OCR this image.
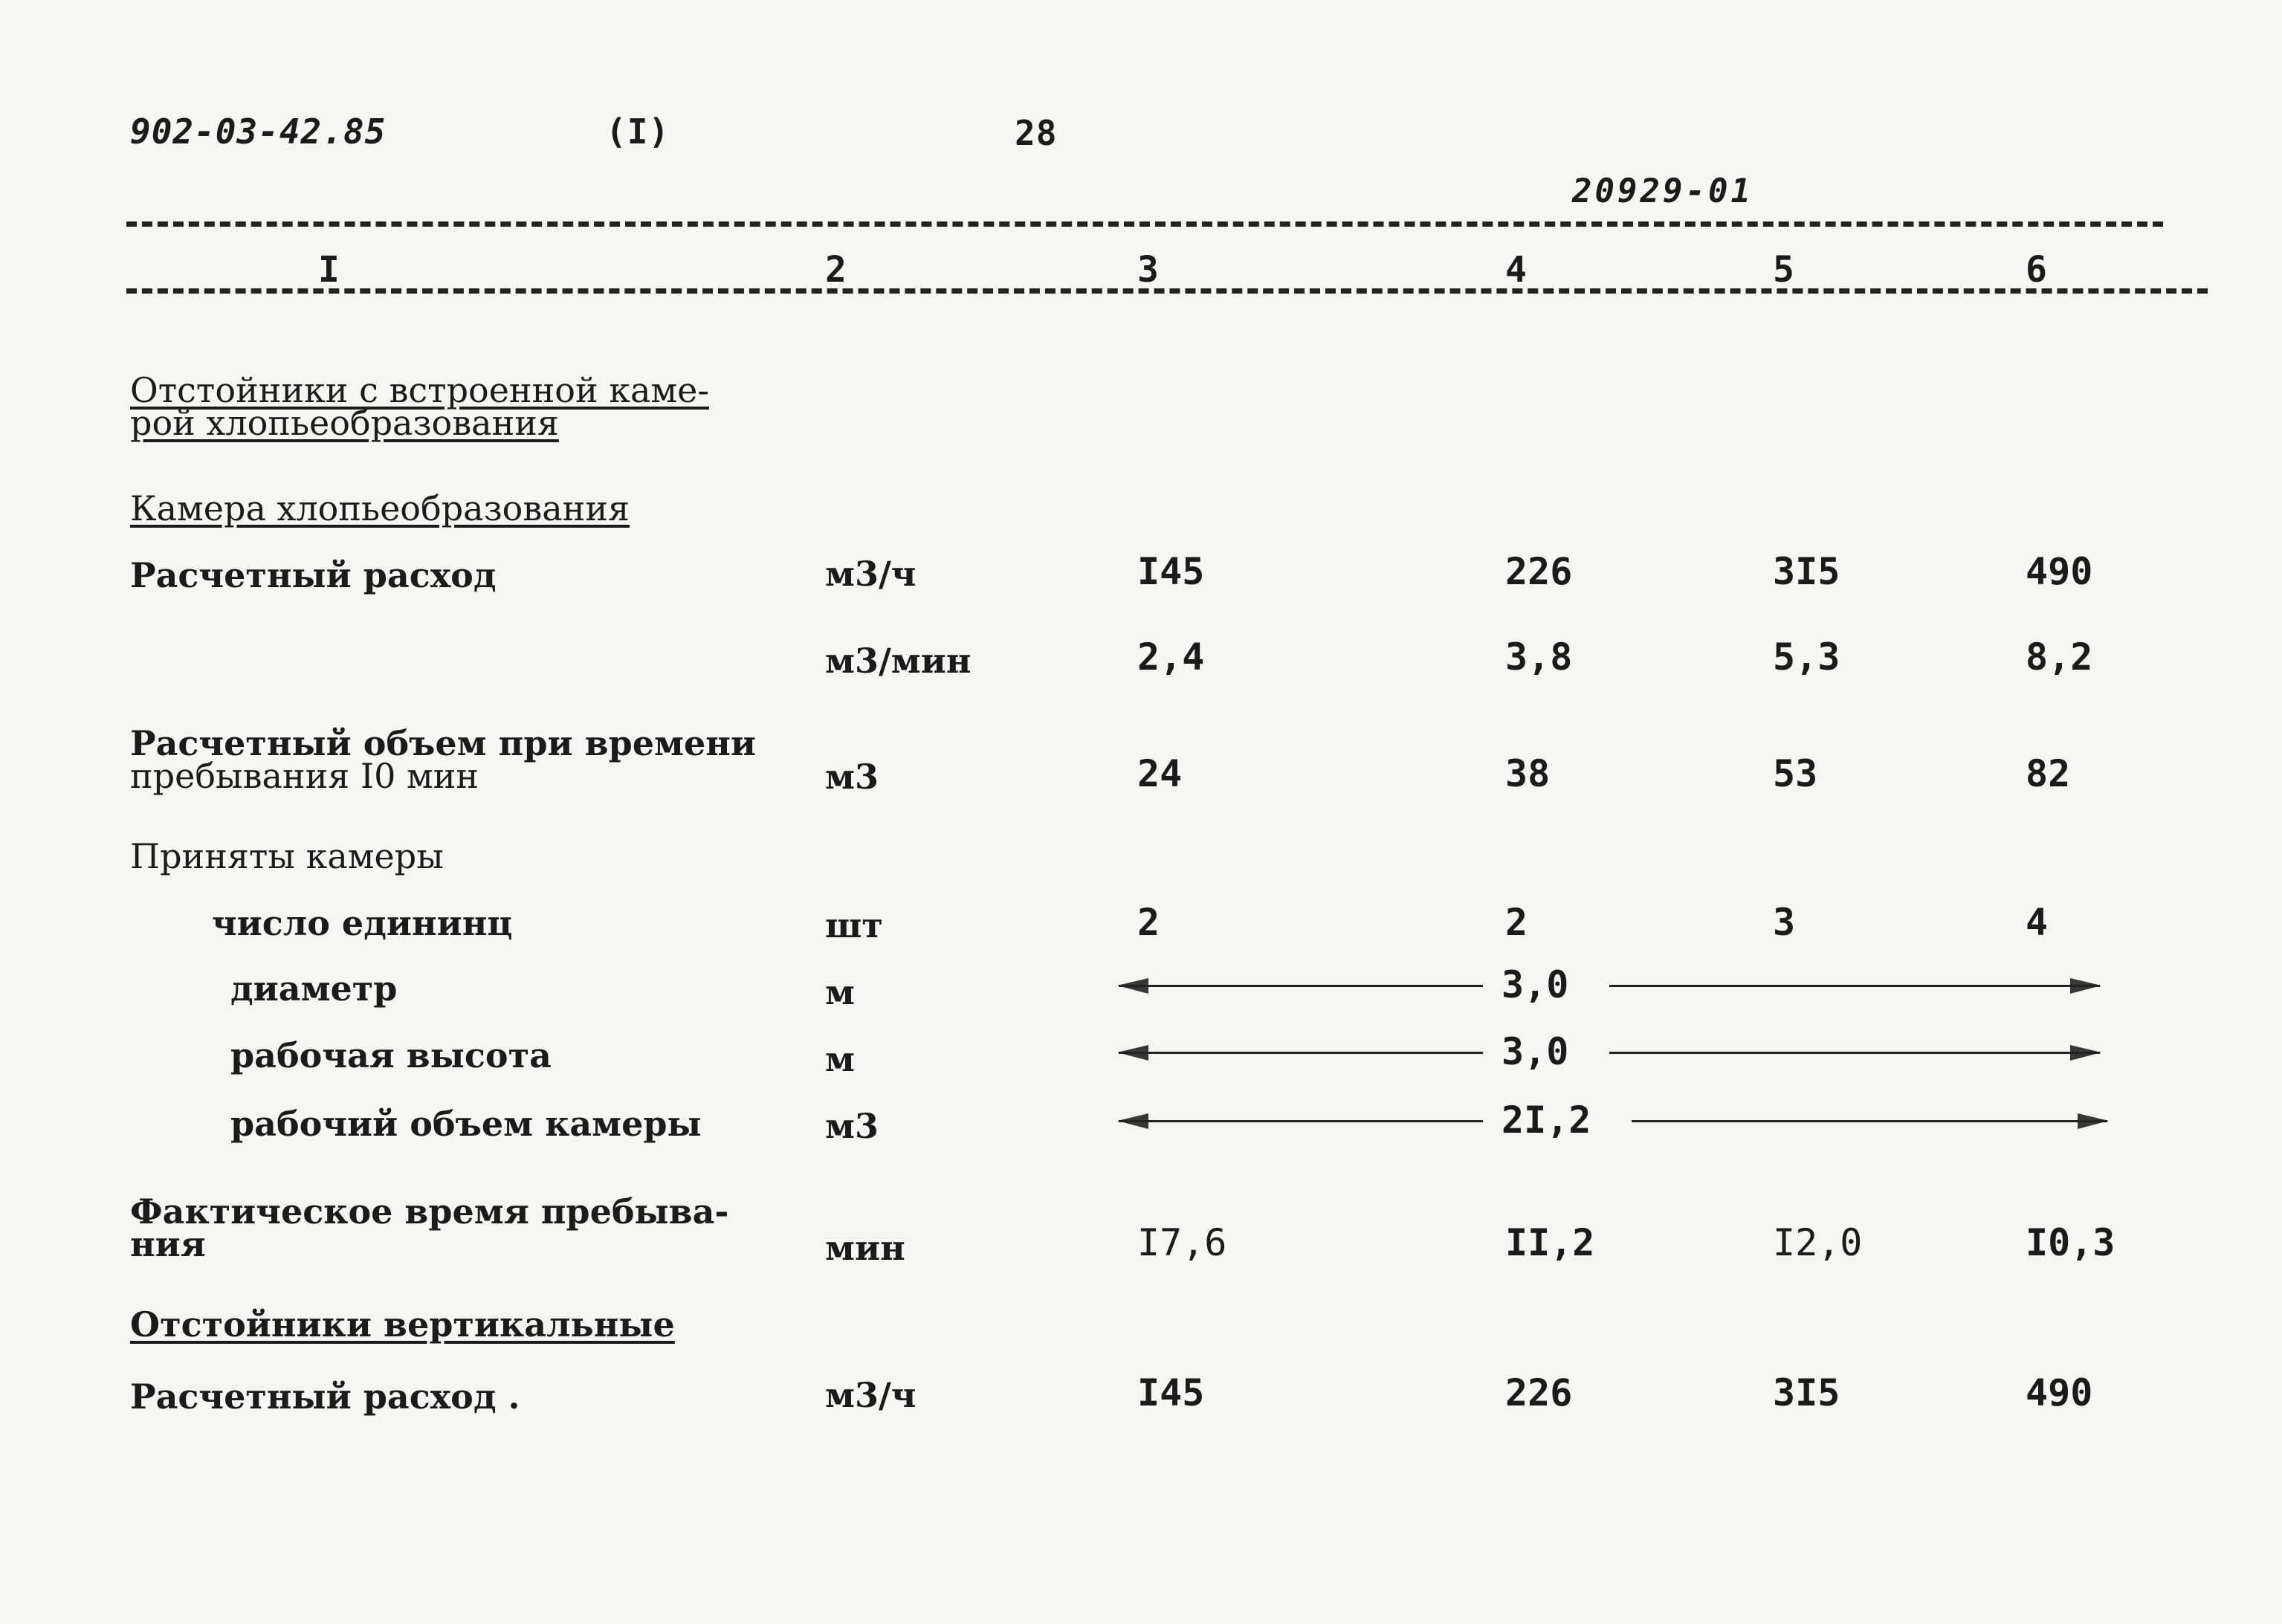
902-03-42.85	(I)	28
20929-01
I	2	3	4	5	6
Отстойники с встроенной каме-
рой хлопьеобразования
Камера хлопьеобразования
Расчетный расход	м3/ч	I45	226	3I5	490
м3/мин	2,4	3,8	5,3	8,2
Расчетный объем при времени
пребывания I0 мин	м3	24	38	53	82
Приняты камеры
число едининц	шт	2	2	3	4
диаметр	м	3,0
рабочая высота	м	3,0
рабочий объем камеры	м3	2I,2
Фактическое время пребыва-
ния	мин	I7,6	II,2	I2,0	I0,3
Отстойники вертикальные
Расчетный расход .	м3/ч	I45	226	3I5	490
